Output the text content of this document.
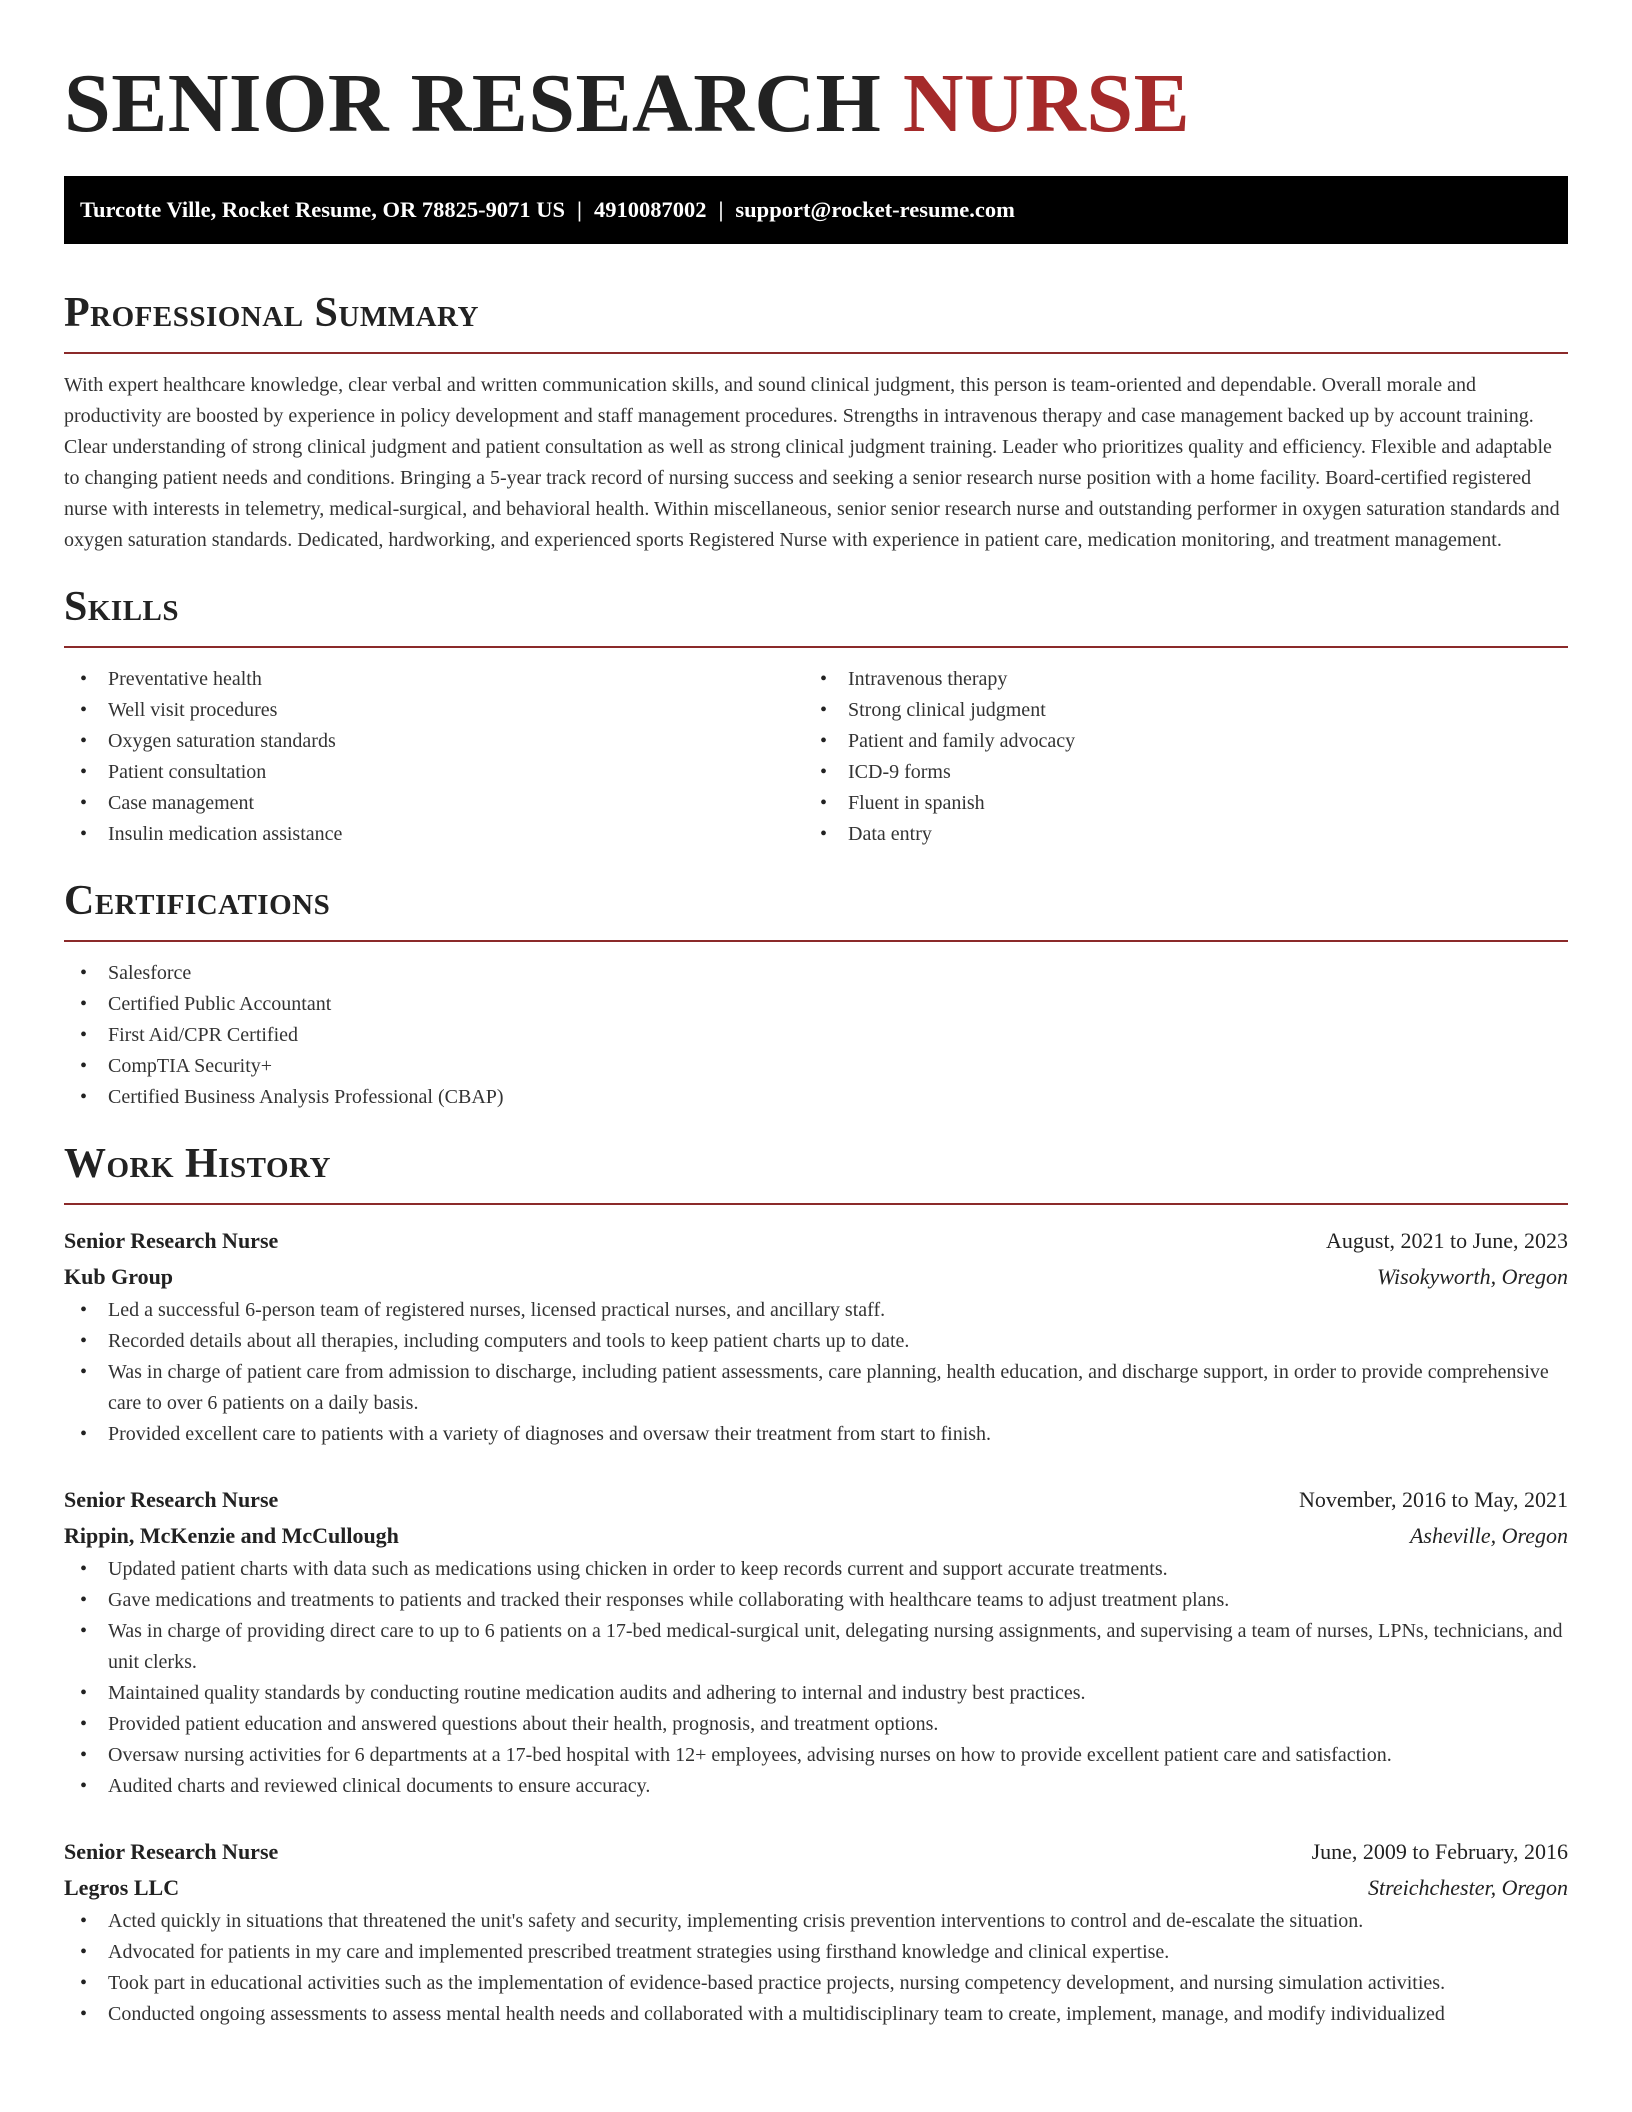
SENIOR RESEARCH NURSE
Turcotte Ville, Rocket Resume, OR 78825-9071 US | 4910087002 | support@rocket-resume.com
Professional Summary

With expert healthcare knowledge, clear verbal and written communication skills, and sound clinical judgment, this person is team-oriented and dependable. Overall morale and productivity are boosted by experience in policy development and staff management procedures. Strengths in intravenous therapy and case management backed up by account training. Clear understanding of strong clinical judgment and patient consultation as well as strong clinical judgment training. Leader who prioritizes quality and efficiency. Flexible and adaptable to changing patient needs and conditions. Bringing a 5-year track record of nursing success and seeking a senior research nurse position with a home facility. Board-certified registered nurse with interests in telemetry, medical-surgical, and behavioral health. Within miscellaneous, senior senior research nurse and outstanding performer in oxygen saturation standards and oxygen saturation standards. Dedicated, hardworking, and experienced sports Registered Nurse with experience in patient care, medication monitoring, and treatment management.

Skills
• Preventative health
• Well visit procedures
• Oxygen saturation standards
• Patient consultation
• Case management
• Insulin medication assistance
• Intravenous therapy
• Strong clinical judgment
• Patient and family advocacy
• ICD-9 forms
• Fluent in spanish
• Data entry
Certifications
• Salesforce
• Certified Public Accountant
• First Aid/CPR Certified
• CompTIA Security+
• Certified Business Analysis Professional (CBAP)
Work History
Senior Research Nurse	August, 2021 to June, 2023
Kub Group	Wisokyworth, Oregon
• Led a successful 6-person team of registered nurses, licensed practical nurses, and ancillary staff.
• Recorded details about all therapies, including computers and tools to keep patient charts up to date.
• Was in charge of patient care from admission to discharge, including patient assessments, care planning, health education, and discharge support, in order to provide comprehensive care to over 6 patients on a daily basis.
• Provided excellent care to patients with a variety of diagnoses and oversaw their treatment from start to finish.
Senior Research Nurse	November, 2016 to May, 2021
Rippin, McKenzie and McCullough	Asheville, Oregon
• Updated patient charts with data such as medications using chicken in order to keep records current and support accurate treatments.
• Gave medications and treatments to patients and tracked their responses while collaborating with healthcare teams to adjust treatment plans.
• Was in charge of providing direct care to up to 6 patients on a 17-bed medical-surgical unit, delegating nursing assignments, and supervising a team of nurses, LPNs, technicians, and unit clerks.
• Maintained quality standards by conducting routine medication audits and adhering to internal and industry best practices.
• Provided patient education and answered questions about their health, prognosis, and treatment options.
• Oversaw nursing activities for 6 departments at a 17-bed hospital with 12+ employees, advising nurses on how to provide excellent patient care and satisfaction.
• Audited charts and reviewed clinical documents to ensure accuracy.
Senior Research Nurse	June, 2009 to February, 2016
Legros LLC	Streichchester, Oregon
• Acted quickly in situations that threatened the unit's safety and security, implementing crisis prevention interventions to control and de-escalate the situation.
• Advocated for patients in my care and implemented prescribed treatment strategies using firsthand knowledge and clinical expertise.
• Took part in educational activities such as the implementation of evidence-based practice projects, nursing competency development, and nursing simulation activities.
• Conducted ongoing assessments to assess mental health needs and collaborated with a multidisciplinary team to create, implement, manage, and modify individualized
